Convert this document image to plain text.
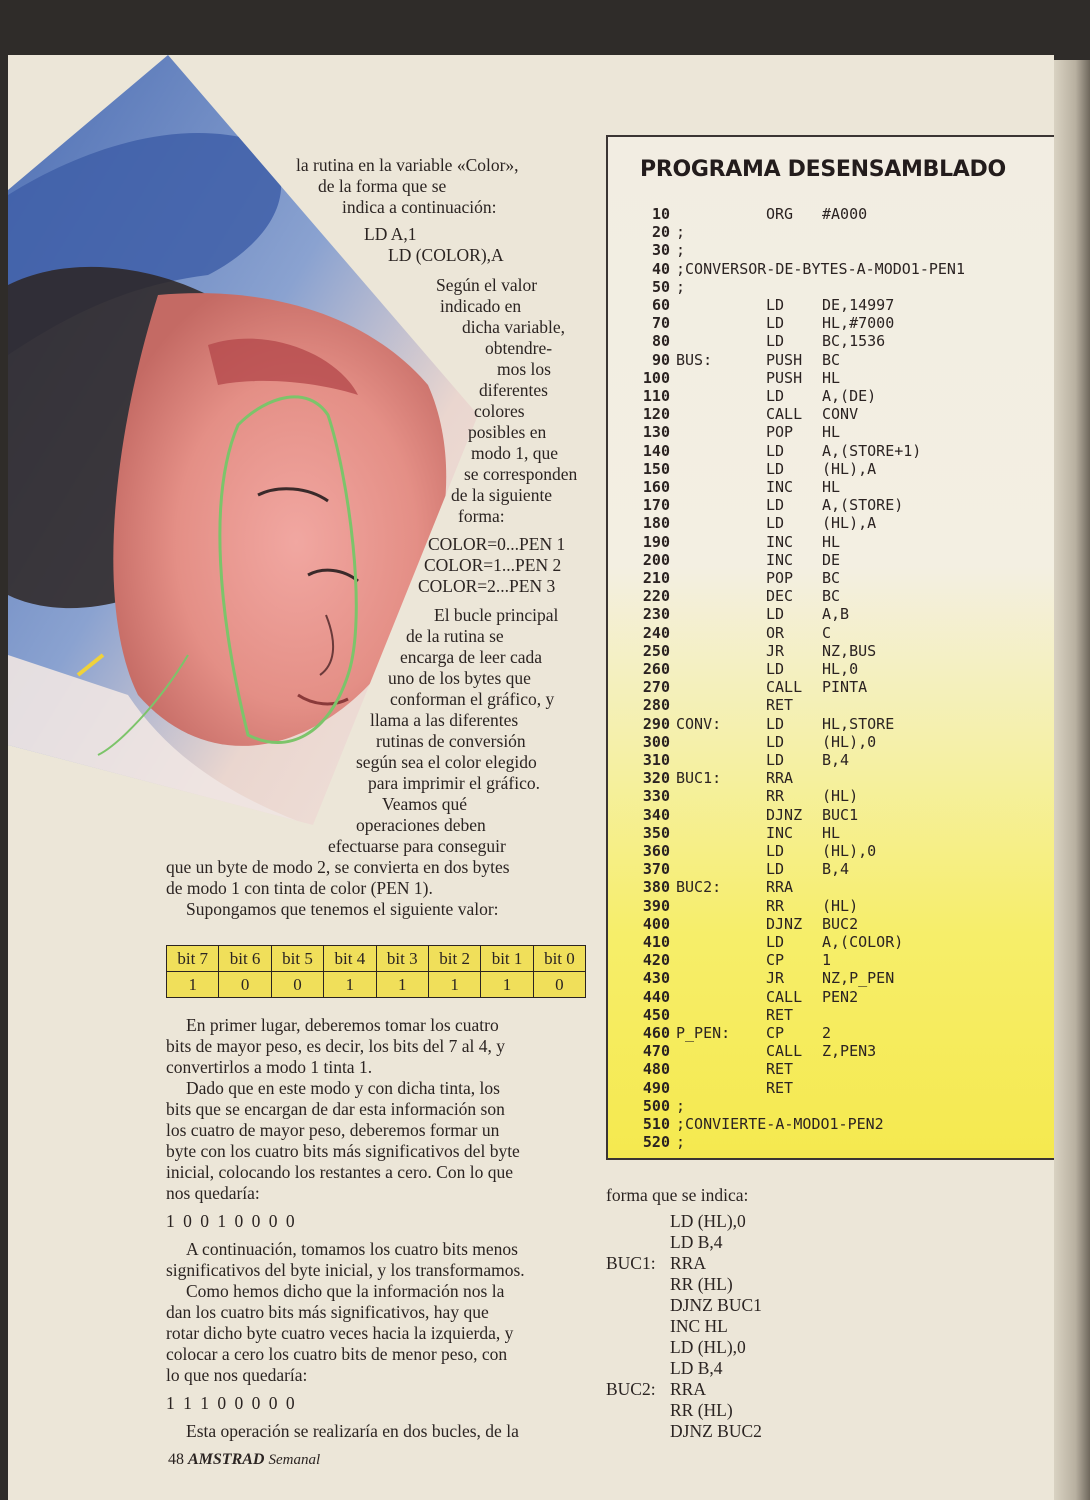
la rutina en la variable «Color»,
de la forma que se
indica a continuación:
LD A,1
LD (COLOR),A
Según el valor
indicado en
dicha variable,
obtendre-
mos los
diferentes
colores
posibles en
modo 1, que
se corresponden
de la siguiente
forma:
COLOR=0...PEN 1
COLOR=1...PEN 2
COLOR=2...PEN 3
El bucle principal
de la rutina se
encarga de leer cada
uno de los bytes que
conforman el gráfico, y
llama a las diferentes
rutinas de conversión
según sea el color elegido
para imprimir el gráfico.
Veamos qué
operaciones deben
efectuarse para conseguir
que un byte de modo 2, se convierta en dos bytes
de modo 1 con tinta de color (PEN 1).
Supongamos que tenemos el siguiente valor:
bit 7	bit 6	bit 5	bit 4	bit 3	bit 2	bit 1	bit 0
1	0	0	1	1	1	1	0
En primer lugar, deberemos tomar los cuatro
bits de mayor peso, es decir, los bits del 7 al 4, y
convertirlos a modo 1 tinta 1.
Dado que en este modo y con dicha tinta, los
bits que se encargan de dar esta información son
los cuatro de mayor peso, deberemos formar un
byte con los cuatro bits más significativos del byte
inicial, colocando los restantes a cero. Con lo que
nos quedaría:
1 0 0 1 0 0 0 0
A continuación, tomamos los cuatro bits menos
significativos del byte inicial, y los transformamos.
Como hemos dicho que la información nos la
dan los cuatro bits más significativos, hay que
rotar dicho byte cuatro veces hacia la izquierda, y
colocar a cero los cuatro bits de menor peso, con
lo que nos quedaría:
1 1 1 0 0 0 0 0
Esta operación se realizaría en dos bucles, de la
PROGRAMA DESENSAMBLADO
10	ORG #A000
20 ;
30 ;
40 ;CONVERSOR-DE-BYTES-A-MODO1-PEN1
50 ;
60	LD	DE,14997
70	LD	HL,#7000
80	LD	BC,1536
90 BUS:	PUSH BC
100	PUSH HL
110	LD	A,(DE)
120	CALL CONV
130	POP HL
140	LD	A,(STORE+1)
150	LD	(HL),A
160	INC HL
170	LD	A,(STORE)
180	LD	(HL),A
190	INC HL
200	INC DE
210	POP BC
220	DEC BC
230	LD	A,B
240	OR	C
250	JR	NZ,BUS
260	LD	HL,0
270	CALL PINTA
280	RET
290 CONV:	LD	HL,STORE
300	LD	(HL),0
310	LD	B,4
320 BUC1:	RRA
330	RR	(HL)
340	DJNZ BUC1
350	INC HL
360	LD	(HL),0
370	LD	B,4
380 BUC2:	RRA
390	RR	(HL)
400	DJNZ BUC2
410	LD	A,(COLOR)
420	CP	1
430	JR	NZ,P_PEN
440	CALL PEN2
450	RET
460 P_PEN: CP	2
470	CALL Z,PEN3
480	RET
490	RET
500 ;
510 ;CONVIERTE-A-MODO1-PEN2
520 ;
forma que se indica:
LD (HL),0
LD B,4
BUC1: RRA
RR (HL)
DJNZ BUC1
INC HL
LD (HL),0
LD B,4
BUC2: RRA
RR (HL)
DJNZ BUC2
48 AMSTRAD Semanal
